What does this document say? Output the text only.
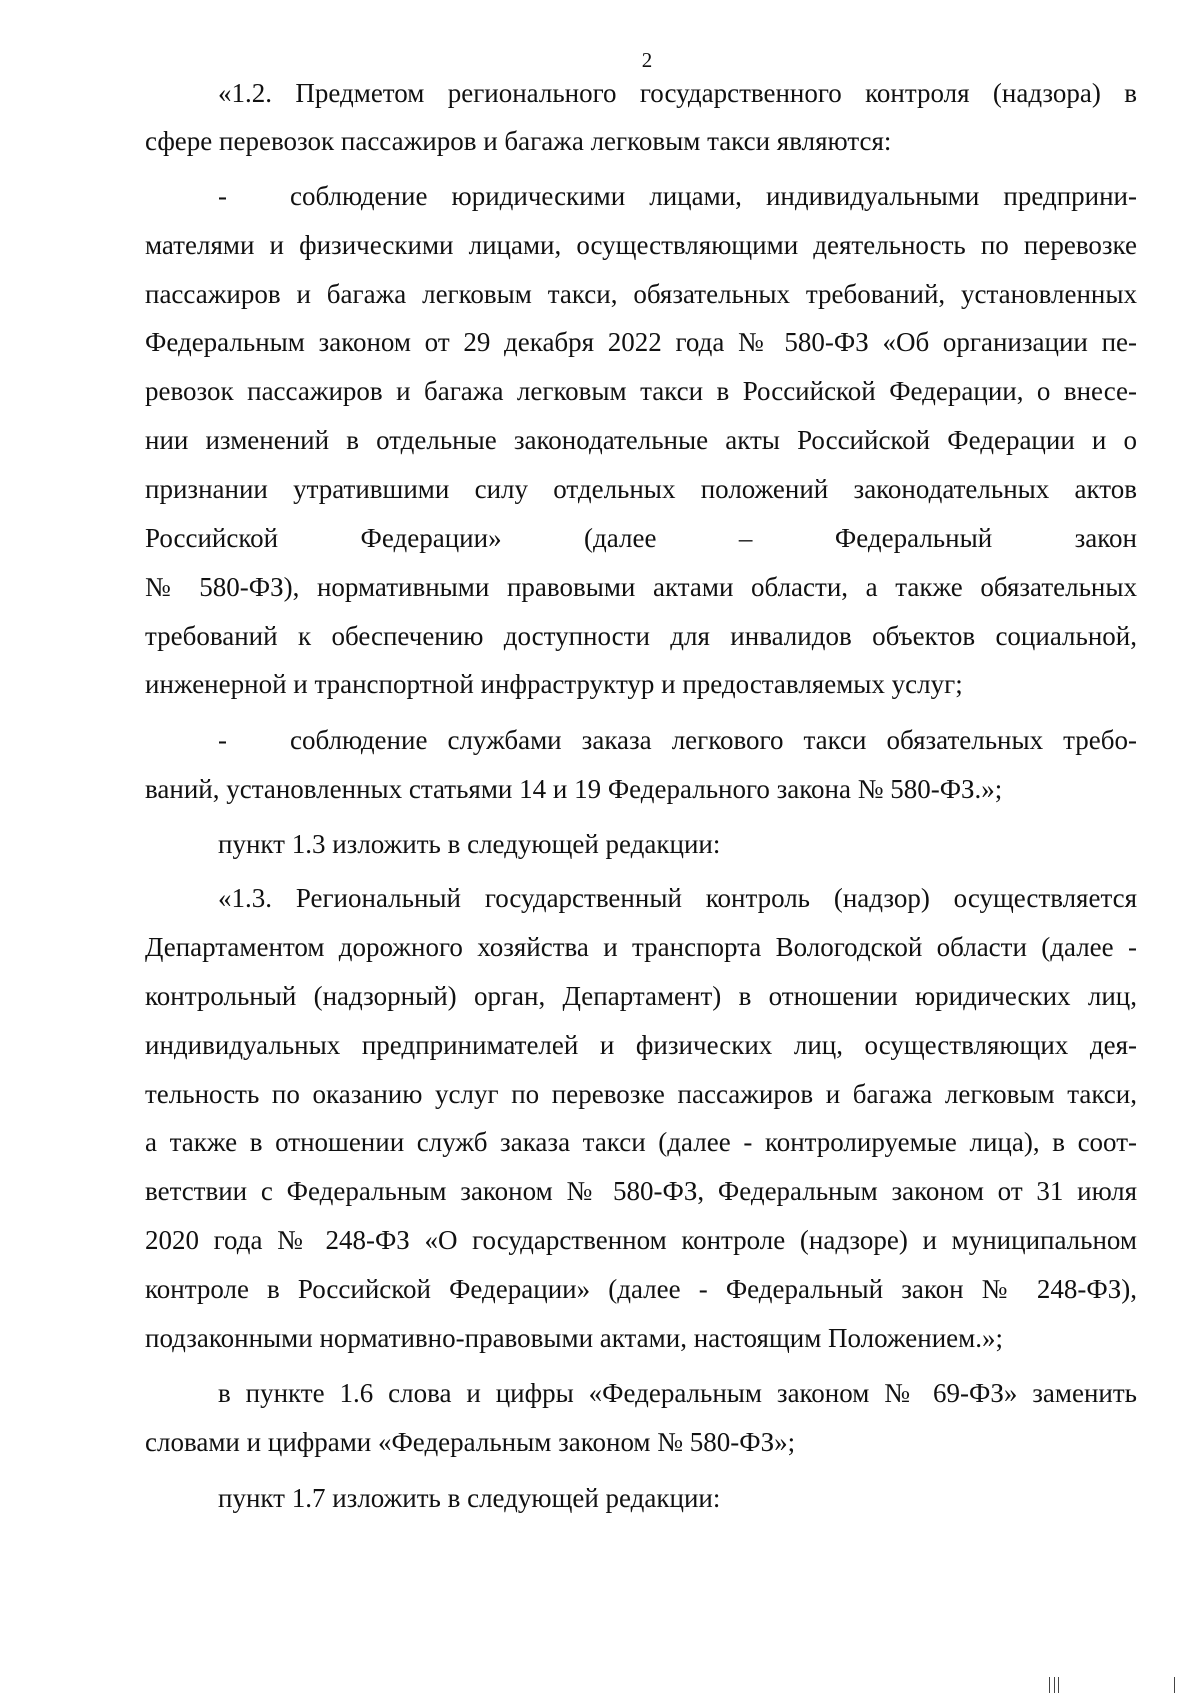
2
«1.2. Предметом регионального государственного контроля (надзора) в
сфере перевозок пассажиров и багажа легковым такси являются:
- соблюдение юридическими лицами, индивидуальными предприни-
мателями и физическими лицами, осуществляющими деятельность по перевозке
пассажиров и багажа легковым такси, обязательных требований, установленных
Федеральным законом от 29 декабря 2022 года № 580-ФЗ «Об организации пе-
ревозок пассажиров и багажа легковым такси в Российской Федерации, о внесе-
нии изменений в отдельные законодательные акты Российской Федерации и о
признании утратившими силу отдельных положений законодательных актов
Российской Федерации» (далее – Федеральный закон
№ 580-ФЗ), нормативными правовыми актами области, а также обязательных
требований к обеспечению доступности для инвалидов объектов социальной,
инженерной и транспортной инфраструктур и предоставляемых услуг;
- соблюдение службами заказа легкового такси обязательных требо-
ваний, установленных статьями 14 и 19 Федерального закона № 580-ФЗ.»;
пункт 1.3 изложить в следующей редакции:
«1.3. Региональный государственный контроль (надзор) осуществляется
Департаментом дорожного хозяйства и транспорта Вологодской области (далее -
контрольный (надзорный) орган, Департамент) в отношении юридических лиц,
индивидуальных предпринимателей и физических лиц, осуществляющих дея-
тельность по оказанию услуг по перевозке пассажиров и багажа легковым такси,
а также в отношении служб заказа такси (далее - контролируемые лица), в соот-
ветствии с Федеральным законом № 580-ФЗ, Федеральным законом от 31 июля
2020 года № 248-ФЗ «О государственном контроле (надзоре) и муниципальном
контроле в Российской Федерации» (далее - Федеральный закон № 248-ФЗ),
подзаконными нормативно-правовыми актами, настоящим Положением.»;
в пункте 1.6 слова и цифры «Федеральным законом № 69-ФЗ» заменить
словами и цифрами «Федеральным законом № 580-ФЗ»;
пункт 1.7 изложить в следующей редакции:
